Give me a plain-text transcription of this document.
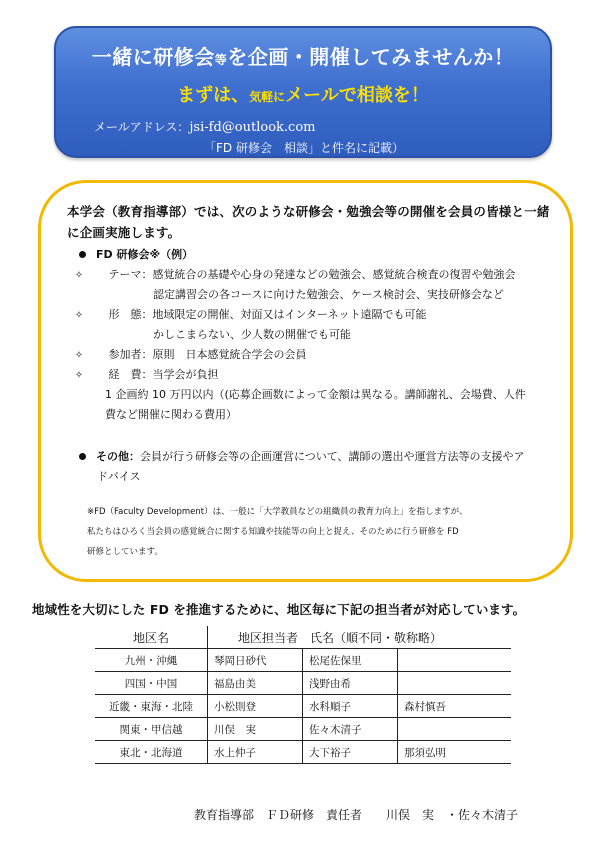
一緒に研修会等を企画・開催してみませんか！
まずは、気軽にメールで相談を！
メールアドレス：jsi-fd@outlook.com
「FD 研修会　相談」と件名に記載）
本学会（教育指導部）では、次のような研修会・勉強会等の開催を会員の皆様と一緒に企画実施します。
FD 研修会※（例）
✧ テーマ：感覚統合の基礎や心身の発達などの勉強会、感覚統合検査の復習や勉強会
認定講習会の各コースに向けた勉強会、ケース検討会、実技研修会など
✧ 形　態：地域限定の開催、対面又はインターネット遠隔でも可能
かしこまらない、少人数の開催でも可能
✧ 参加者：原則　日本感覚統合学会の会員
✧ 経　費：当学会が負担
1 企画約 10 万円以内（(応募企画数によって金額は異なる。講師謝礼、会場費、人件
費など開催に関わる費用）
その他：会員が行う研修会等の企画運営について、講師の選出や運営方法等の支援やア
ドバイス
※FD（Faculty Development）は、一般に「大学教員などの組織員の教育力向上」を指しますが、
私たちはひろく当会員の感覚統合に関する知識や技能等の向上と捉え、そのために行う研修を FD
研修としています。
地域性を大切にした FD を推進するために、地区毎に下記の担当者が対応しています。
地区名	地区担当者　氏名（順不同・敬称略）		
九州・沖縄	琴岡日砂代	松尾佐保里	
四国・中国	福島由美	浅野由希	
近畿・東海・北陸	小松則登	水科順子	森村慎吾
関東・甲信越	川俣　実	佐々木清子	
東北・北海道	水上仲子	大下裕子	那須弘明
教育指導部　ＦＤ研修　責任者　　川俣　実　・佐々木清子
